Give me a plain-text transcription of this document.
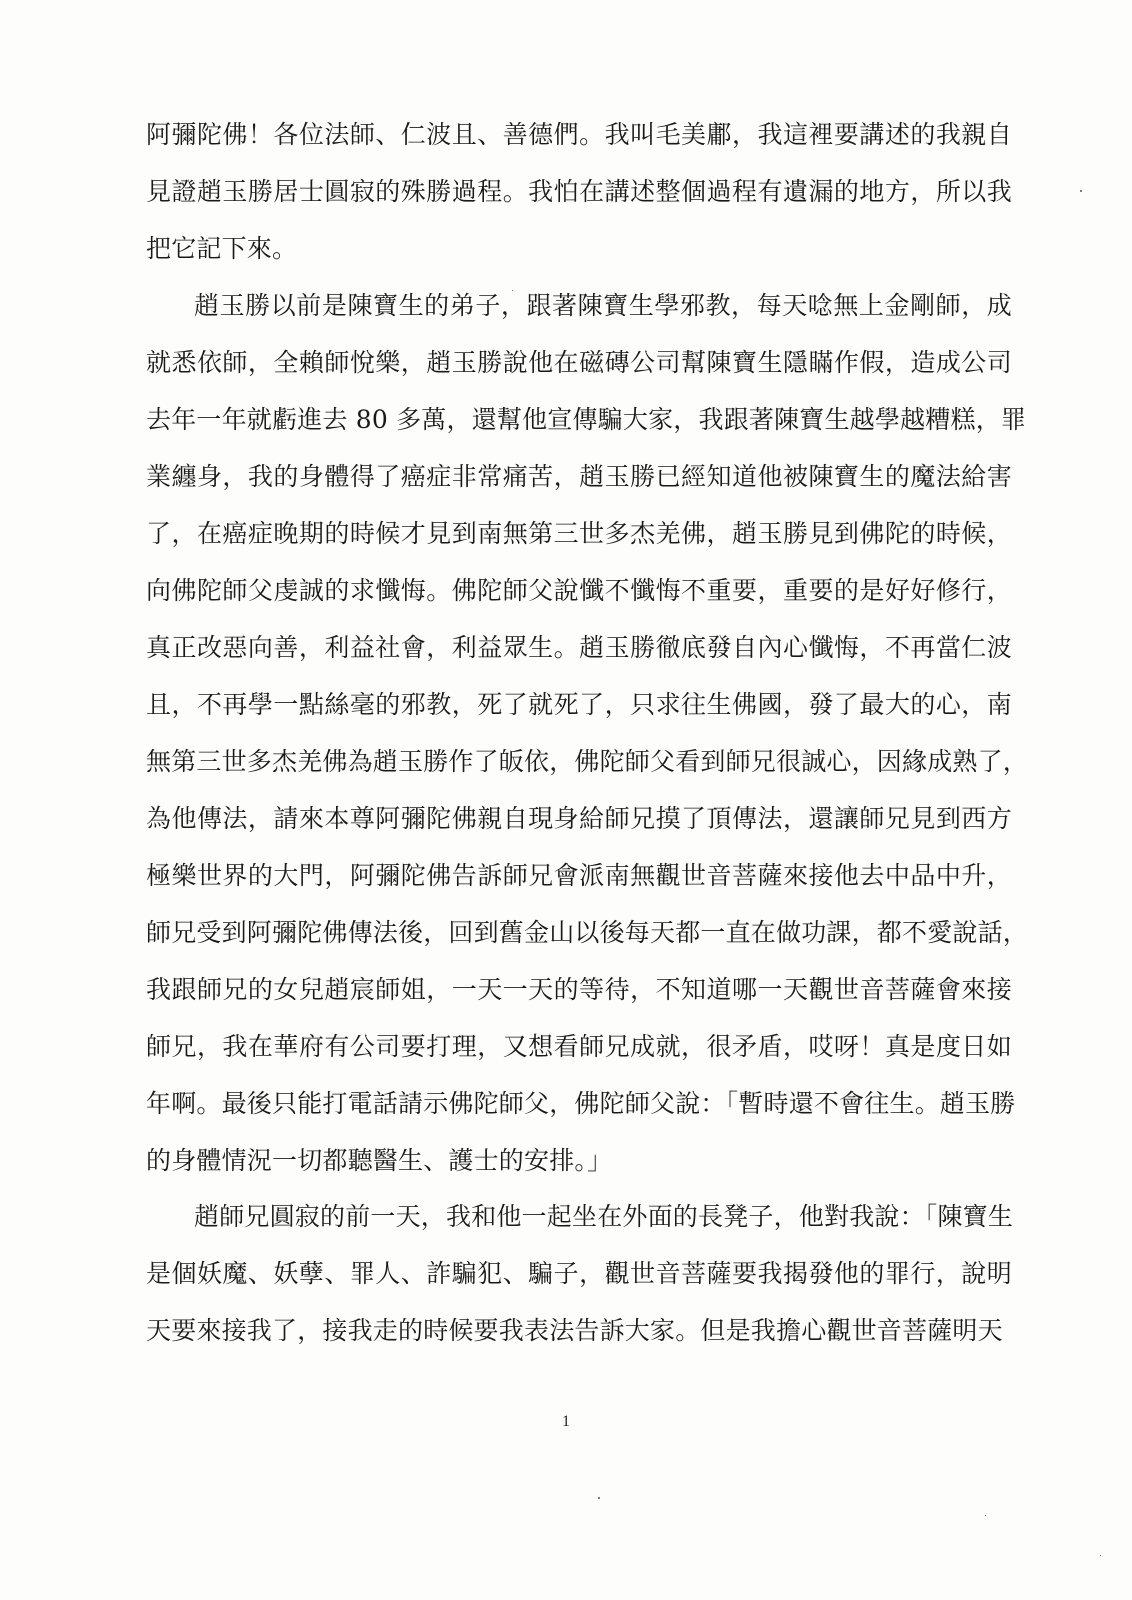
阿彌陀佛！各位法師、仁波且、善德們。我叫毛美鄘，我這裡要講述的我親自
見證趙玉勝居士圓寂的殊勝過程。我怕在講述整個過程有遺漏的地方，所以我
把它記下來。
趙玉勝以前是陳寶生的弟子，跟著陳寶生學邪教，每天唸無上金剛師，成
就悉依師，全賴師悅樂，趙玉勝說他在磁磚公司幫陳寶生隱瞞作假，造成公司
去年一年就虧進去 80 多萬，還幫他宣傳騙大家，我跟著陳寶生越學越糟糕，罪
業纏身，我的身體得了癌症非常痛苦，趙玉勝已經知道他被陳寶生的魔法給害
了，在癌症晚期的時候才見到南無第三世多杰羌佛，趙玉勝見到佛陀的時候，
向佛陀師父虔誠的求懺悔。佛陀師父說懺不懺悔不重要，重要的是好好修行，
真正改惡向善，利益社會，利益眾生。趙玉勝徹底發自內心懺悔，不再當仁波
且，不再學一點絲毫的邪教，死了就死了，只求往生佛國，發了最大的心，南
無第三世多杰羌佛為趙玉勝作了皈依，佛陀師父看到師兄很誠心，因緣成熟了，
為他傳法，請來本尊阿彌陀佛親自現身給師兄摸了頂傳法，還讓師兄見到西方
極樂世界的大門，阿彌陀佛告訴師兄會派南無觀世音菩薩來接他去中品中升，
師兄受到阿彌陀佛傳法後，回到舊金山以後每天都一直在做功課，都不愛說話，
我跟師兄的女兒趙宸師姐，一天一天的等待，不知道哪一天觀世音菩薩會來接
師兄，我在華府有公司要打理，又想看師兄成就，很矛盾，哎呀！真是度日如
年啊。最後只能打電話請示佛陀師父，佛陀師父說：「暫時還不會往生。趙玉勝
的身體情況一切都聽醫生、護士的安排。」
趙師兄圓寂的前一天，我和他一起坐在外面的長凳子，他對我說：「陳寶生
是個妖魔、妖孽、罪人、詐騙犯、騙子，觀世音菩薩要我揭發他的罪行，說明
天要來接我了，接我走的時候要我表法告訴大家。但是我擔心觀世音菩薩明天
1
